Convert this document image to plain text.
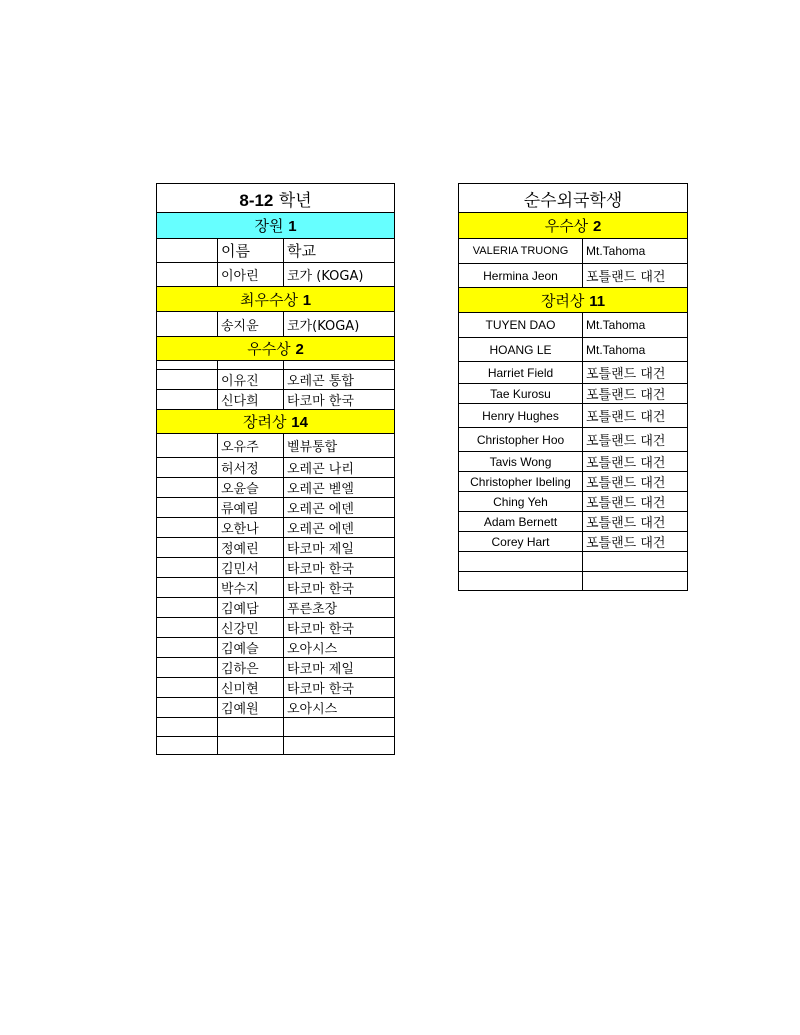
8-12 학년		
장원 1		
	이름	학교
	이아린	코가 (KOGA)
최우수상 1		
	송지윤	코가(KOGA)
우수상 2		

	이유진	오레곤 통합
	신다희	타코마 한국
장려상 14		
	오유주	벨뷰통합
	허서정	오레곤 나리
	오윤슬	오레곤 벧엘
	류예림	오레곤 에덴
	오한나	오레곤 에덴
	정예린	타코마 제일
	김민서	타코마 한국
	박수지	타코마 한국
	김예담	푸른초장
	신강민	타코마 한국
	김예슬	오아시스
	김하은	타코마 제일
	신미현	타코마 한국
	김예원	오아시스

순수외국학생	
우수상 2	
VALERIA TRUONG	Mt.Tahoma
Hermina Jeon	포틀랜드 대건
장려상 11	
TUYEN DAO	Mt.Tahoma
HOANG LE	Mt.Tahoma
Harriet Field	포틀랜드 대건
Tae Kurosu	포틀랜드 대건
Henry Hughes	포틀랜드 대건
Christopher Hoo	포틀랜드 대건
Tavis Wong	포틀랜드 대건
Christopher Ibeling	포틀랜드 대건
Ching Yeh	포틀랜드 대건
Adam Bernett	포틀랜드 대건
Corey Hart	포틀랜드 대건
